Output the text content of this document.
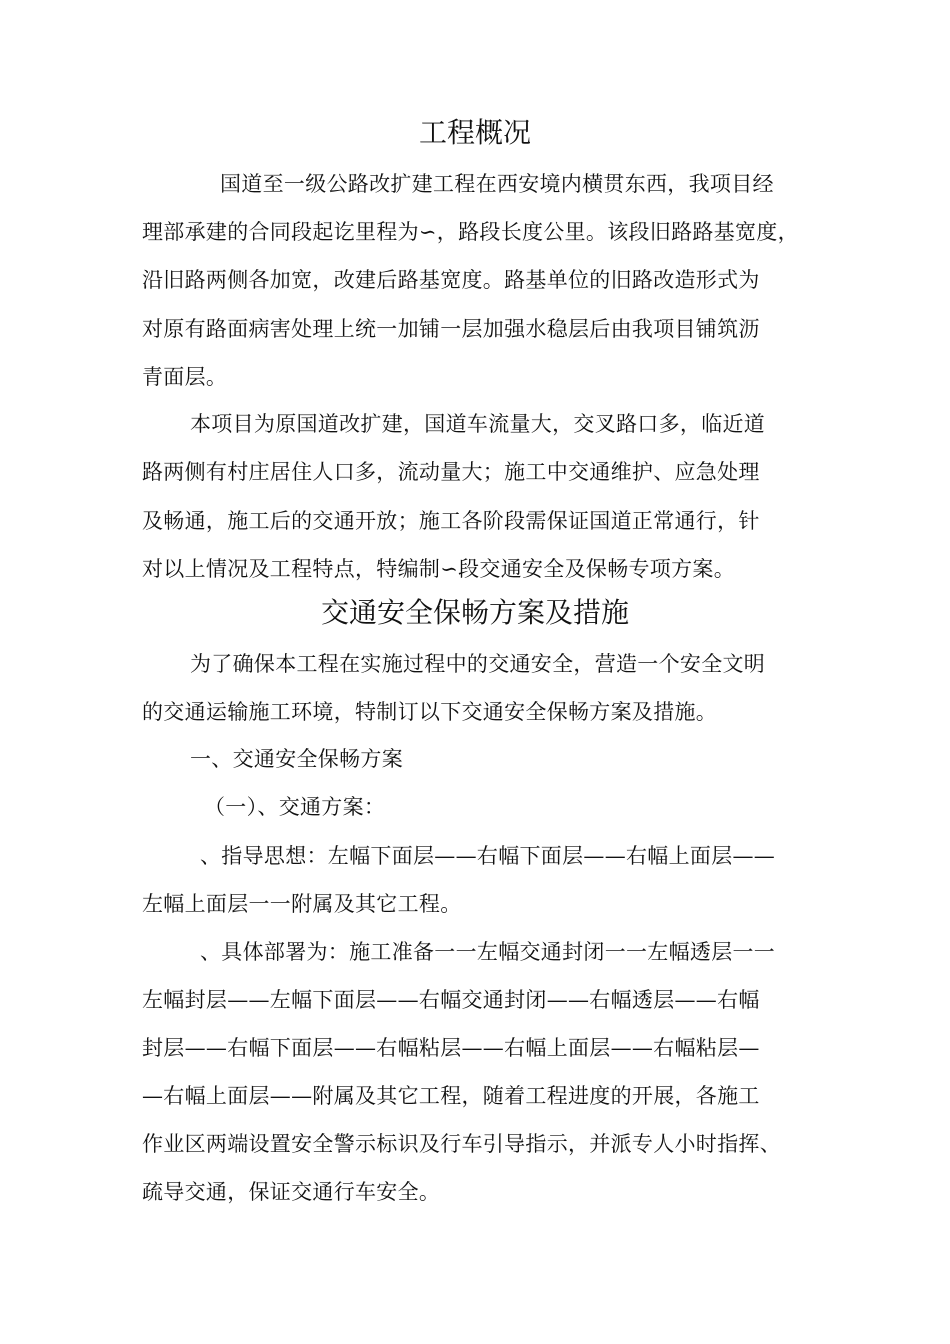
工程概况
国道至一级公路改扩建工程在西安境内横贯东西，我项目经
理部承建的合同段起讫里程为∽，路段长度公里。该段旧路路基宽度，
沿旧路两侧各加宽，改建后路基宽度。路基单位的旧路改造形式为
对原有路面病害处理上统一加铺一层加强水稳层后由我项目铺筑沥
青面层。
本项目为原国道改扩建，国道车流量大，交叉路口多，临近道
路两侧有村庄居住人口多，流动量大；施工中交通维护、应急处理
及畅通，施工后的交通开放；施工各阶段需保证国道正常通行，针
对以上情况及工程特点，特编制∽段交通安全及保畅专项方案。
交通安全保畅方案及措施
为了确保本工程在实施过程中的交通安全，营造一个安全文明
的交通运输施工环境，特制订以下交通安全保畅方案及措施。
一、交通安全保畅方案
（一）、交通方案：
、指导思想：左幅下面层——右幅下面层——右幅上面层——
左幅上面层一一附属及其它工程。
、具体部署为：施工准备一一左幅交通封闭一一左幅透层一一
左幅封层——左幅下面层——右幅交通封闭——右幅透层——右幅
封层——右幅下面层——右幅粘层——右幅上面层——右幅粘层—
—右幅上面层——附属及其它工程，随着工程进度的开展，各施工
作业区两端设置安全警示标识及行车引导指示，并派专人小时指挥、
疏导交通，保证交通行车安全。
